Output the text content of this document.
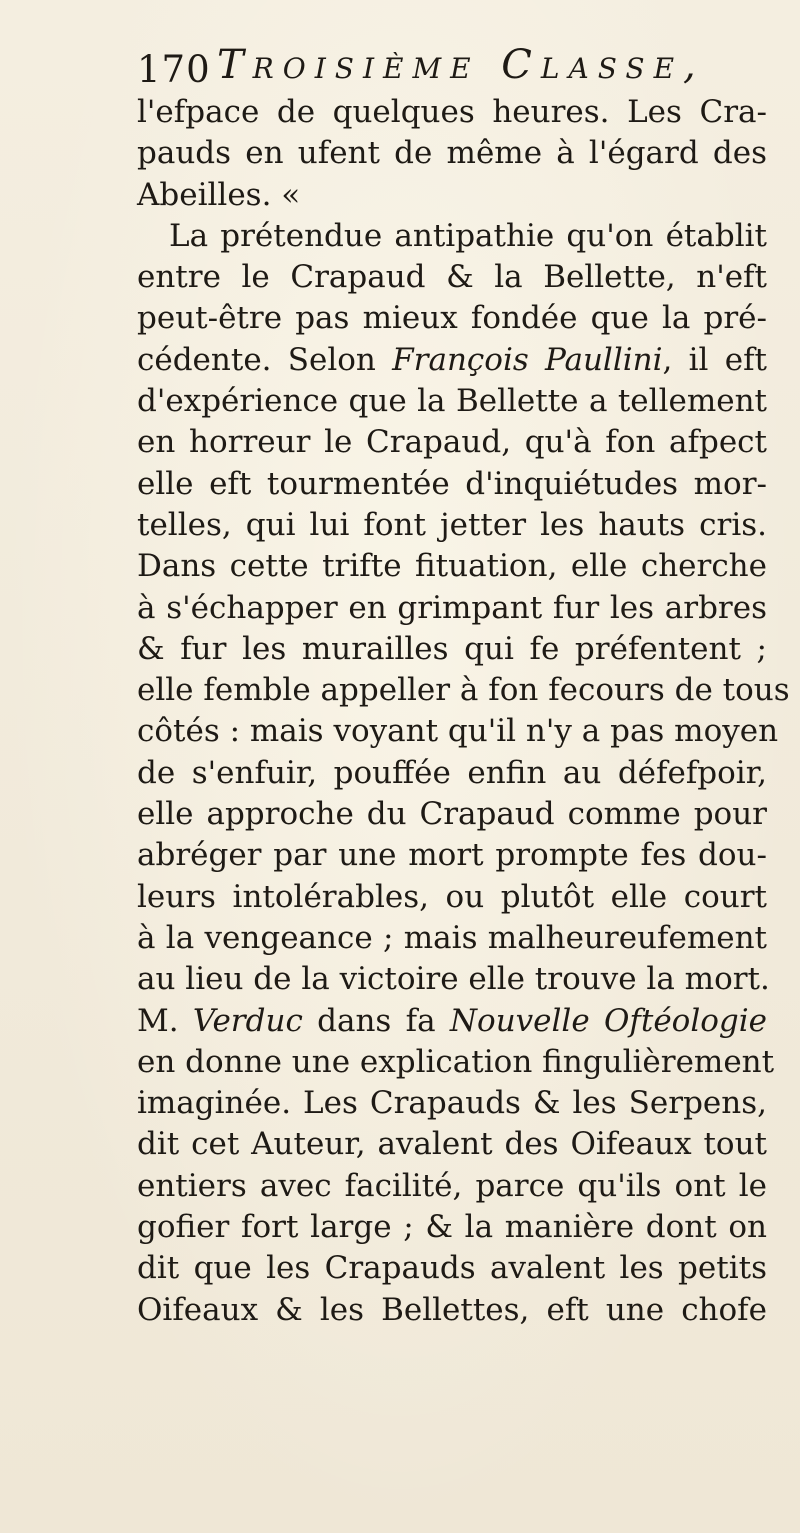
170 Troisième Classe,
l'efpace de quelques heures. Les Cra-
pauds en ufent de même à l'égard des
Abeilles. «
La prétendue antipathie qu'on établit
entre le Crapaud & la Bellette, n'eft
peut-être pas mieux fondée que la pré-
cédente. Selon François Paullini, il eft
d'expérience que la Bellette a tellement
en horreur le Crapaud, qu'à fon afpect
elle eft tourmentée d'inquiétudes mor-
telles, qui lui font jetter les hauts cris.
Dans cette trifte fituation, elle cherche
à s'échapper en grimpant fur les arbres
& fur les murailles qui fe préfentent ;
elle femble appeller à fon fecours de tous
côtés : mais voyant qu'il n'y a pas moyen
de s'enfuir, pouffée enfin au défefpoir,
elle approche du Crapaud comme pour
abréger par une mort prompte fes dou-
leurs intolérables, ou plutôt elle court
à la vengeance ; mais malheureufement
au lieu de la victoire elle trouve la mort.
M. Verduc dans fa Nouvelle Oftéologie
en donne une explication fingulièrement
imaginée. Les Crapauds & les Serpens,
dit cet Auteur, avalent des Oifeaux tout
entiers avec facilité, parce qu'ils ont le
gofier fort large ; & la manière dont on
dit que les Crapauds avalent les petits
Oifeaux & les Bellettes, eft une chofe
